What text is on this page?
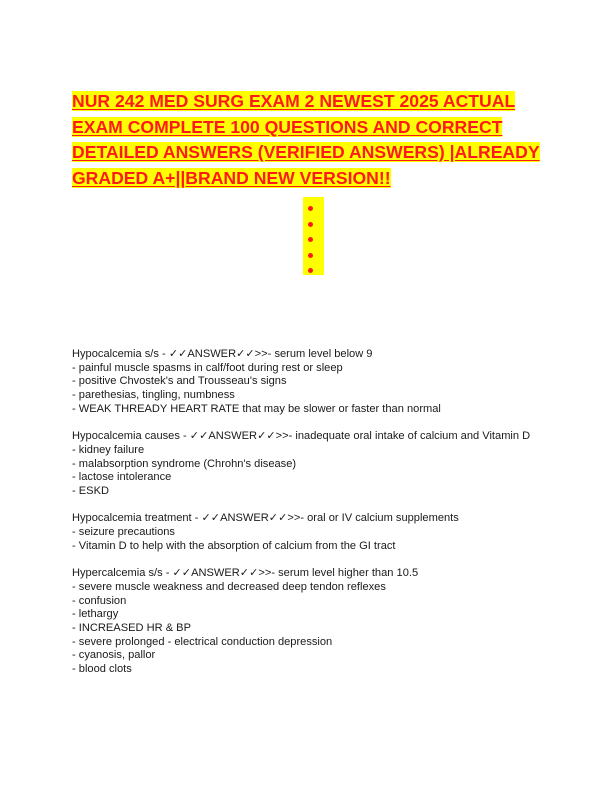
NUR 242 MED SURG EXAM 2 NEWEST 2025 ACTUALEXAM COMPLETE 100 QUESTIONS AND CORRECTDETAILED ANSWERS (VERIFIED ANSWERS) |ALREADYGRADED A+||BRAND NEW VERSION!!
Hypocalcemia s/s - ✓✓ANSWER✓✓>>- serum level below 9
- painful muscle spasms in calf/foot during rest or sleep
- positive Chvostek's and Trousseau's signs
- parethesias, tingling, numbness
- WEAK THREADY HEART RATE that may be slower or faster than normal
Hypocalcemia causes - ✓✓ANSWER✓✓>>- inadequate oral intake of calcium and Vitamin D
- kidney failure
- malabsorption syndrome (Chrohn's disease)
- lactose intolerance
- ESKD
Hypocalcemia treatment - ✓✓ANSWER✓✓>>- oral or IV calcium supplements
- seizure precautions
- Vitamin D to help with the absorption of calcium from the GI tract
Hypercalcemia s/s - ✓✓ANSWER✓✓>>- serum level higher than 10.5
- severe muscle weakness and decreased deep tendon reflexes
- confusion
- lethargy
- INCREASED HR & BP
- severe prolonged - electrical conduction depression
- cyanosis, pallor
- blood clots
